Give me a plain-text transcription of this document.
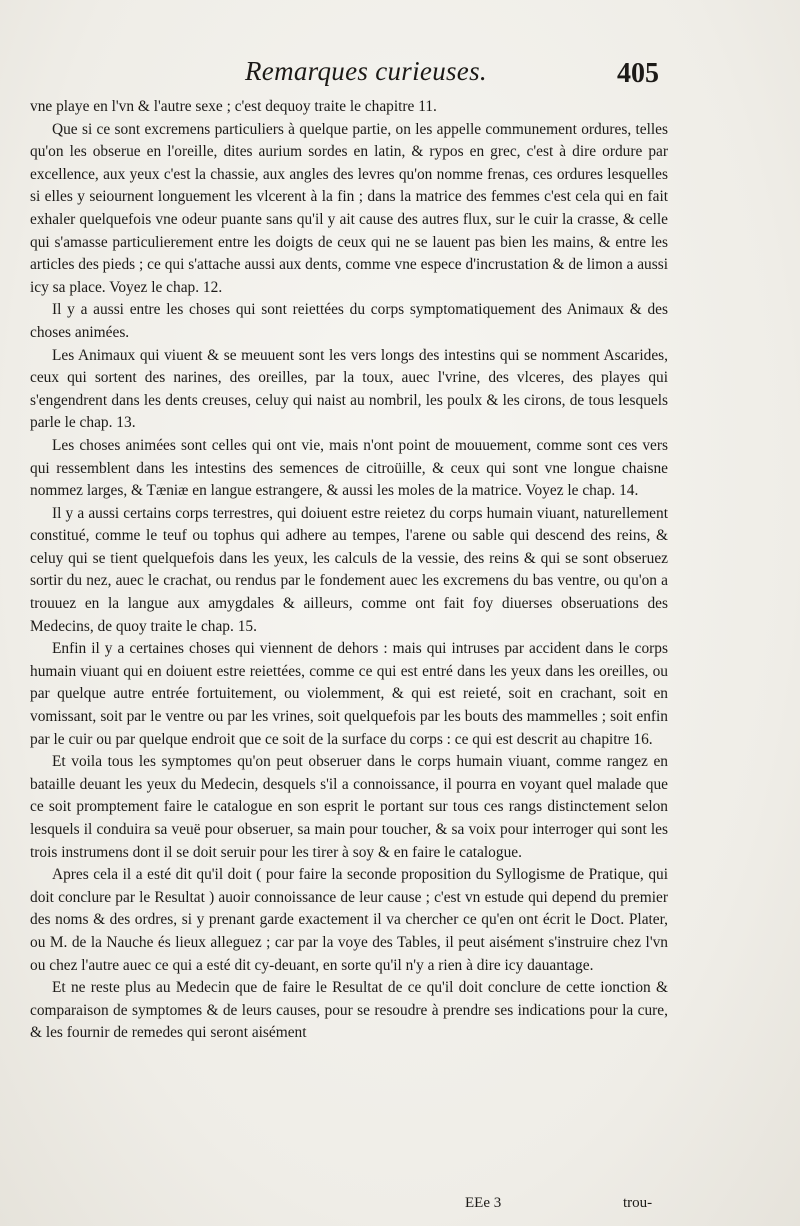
Remarques curieuses.	405

vne playe en l'vn & l'autre sexe ; c'est dequoy traite le chapitre 11.

Que si ce sont excremens particuliers à quelque partie, on les appelle communement ordures, telles qu'on les obserue en l'oreille, dites aurium sordes en latin, & rypos en grec, c'est à dire ordure par excellence, aux yeux c'est la chassie, aux angles des levres qu'on nomme frenas, ces ordures lesquelles si elles y seiournent longuement les vlcerent à la fin ; dans la matrice des femmes c'est cela qui en fait exhaler quelquefois vne odeur puante sans qu'il y ait cause des autres flux, sur le cuir la crasse, & celle qui s'amasse particulierement entre les doigts de ceux qui ne se lauent pas bien les mains, & entre les articles des pieds ; ce qui s'attache aussi aux dents, comme vne espece d'incrustation & de limon a aussi icy sa place. Voyez le chap. 12.

Il y a aussi entre les choses qui sont reiettées du corps symptomatiquement des Animaux & des choses animées.

Les Animaux qui viuent & se meuuent sont les vers longs des intestins qui se nomment Ascarides, ceux qui sortent des narines, des oreilles, par la toux, auec l'vrine, des vlceres, des playes qui s'engendrent dans les dents creuses, celuy qui naist au nombril, les poulx & les cirons, de tous lesquels parle le chap. 13.

Les choses animées sont celles qui ont vie, mais n'ont point de mouuement, comme sont ces vers qui ressemblent dans les intestins des semences de citroüille, & ceux qui sont vne longue chaisne nommez larges, & Tæniæ en langue estrangere, & aussi les moles de la matrice. Voyez le chap. 14.

Il y a aussi certains corps terrestres, qui doiuent estre reietez du corps humain viuant, naturellement constitué, comme le teuf ou tophus qui adhere au tempes, l'arene ou sable qui descend des reins, & celuy qui se tient quelquefois dans les yeux, les calculs de la vessie, des reins & qui se sont obseruez sortir du nez, auec le crachat, ou rendus par le fondement auec les excremens du bas ventre, ou qu'on a trouuez en la langue aux amygdales & ailleurs, comme ont fait foy diuerses obseruations des Medecins, de quoy traite le chap. 15.

Enfin il y a certaines choses qui viennent de dehors : mais qui intruses par accident dans le corps humain viuant qui en doiuent estre reiettées, comme ce qui est entré dans les yeux dans les oreilles, ou par quelque autre entrée fortuitement, ou violemment, & qui est reieté, soit en crachant, soit en vomissant, soit par le ventre ou par les vrines, soit quelquefois par les bouts des mammelles ; soit enfin par le cuir ou par quelque endroit que ce soit de la surface du corps : ce qui est descrit au chapitre 16.

Et voila tous les symptomes qu'on peut obseruer dans le corps humain viuant, comme rangez en bataille deuant les yeux du Medecin, desquels s'il a connoissance, il pourra en voyant quel malade que ce soit promptement faire le catalogue en son esprit le portant sur tous ces rangs distinctement selon lesquels il conduira sa veuë pour obseruer, sa main pour toucher, & sa voix pour interroger qui sont les trois instrumens dont il se doit seruir pour les tirer à soy & en faire le catalogue.

Apres cela il a esté dit qu'il doit ( pour faire la seconde proposition du Syllogisme de Pratique, qui doit conclure par le Resultat ) auoir connoissance de leur cause ; c'est vn estude qui depend du premier des noms & des ordres, si y prenant garde exactement il va chercher ce qu'en ont écrit le Doct. Plater, ou M. de la Nauche és lieux alleguez ; car par la voye des Tables, il peut aisément s'instruire chez l'vn ou chez l'autre auec ce qui a esté dit cy-deuant, en sorte qu'il n'y a rien à dire icy dauantage.

Et ne reste plus au Medecin que de faire le Resultat de ce qu'il doit conclure de cette ionction & comparaison de symptomes & de leurs causes, pour se resoudre à prendre ses indications pour la cure, & les fournir de remedes qui seront aisément

EEe 3	trou-
